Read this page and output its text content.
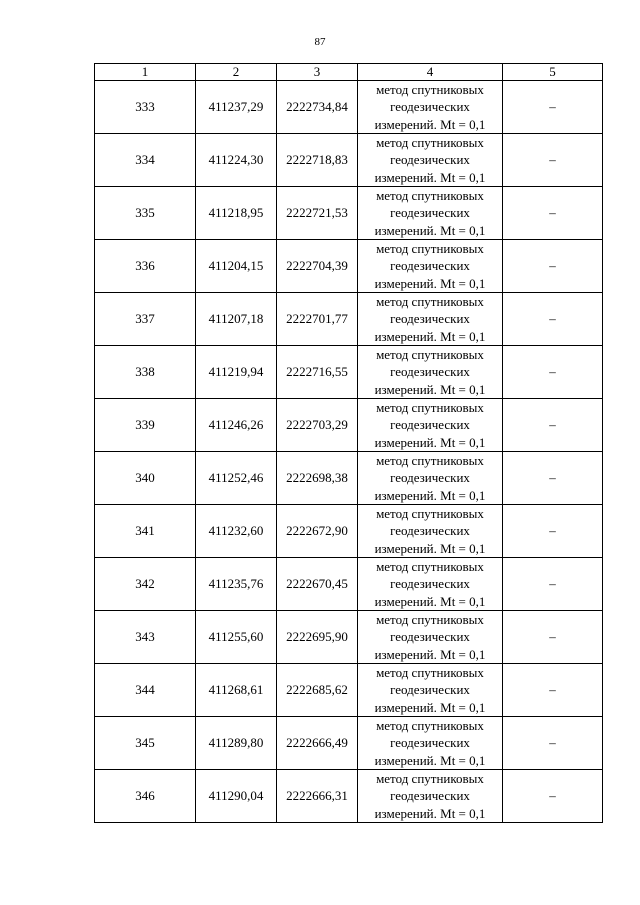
87
1	2	3	4	5
333	411237,29	2222734,84	метод спутниковых геодезических измерений. Mt = 0,1	–
334	411224,30	2222718,83	метод спутниковых геодезических измерений. Mt = 0,1	–
335	411218,95	2222721,53	метод спутниковых геодезических измерений. Mt = 0,1	–
336	411204,15	2222704,39	метод спутниковых геодезических измерений. Mt = 0,1	–
337	411207,18	2222701,77	метод спутниковых геодезических измерений. Mt = 0,1	–
338	411219,94	2222716,55	метод спутниковых геодезических измерений. Mt = 0,1	–
339	411246,26	2222703,29	метод спутниковых геодезических измерений. Mt = 0,1	–
340	411252,46	2222698,38	метод спутниковых геодезических измерений. Mt = 0,1	–
341	411232,60	2222672,90	метод спутниковых геодезических измерений. Mt = 0,1	–
342	411235,76	2222670,45	метод спутниковых геодезических измерений. Mt = 0,1	–
343	411255,60	2222695,90	метод спутниковых геодезических измерений. Mt = 0,1	–
344	411268,61	2222685,62	метод спутниковых геодезических измерений. Mt = 0,1	–
345	411289,80	2222666,49	метод спутниковых геодезических измерений. Mt = 0,1	–
346	411290,04	2222666,31	метод спутниковых геодезических измерений. Mt = 0,1	–
